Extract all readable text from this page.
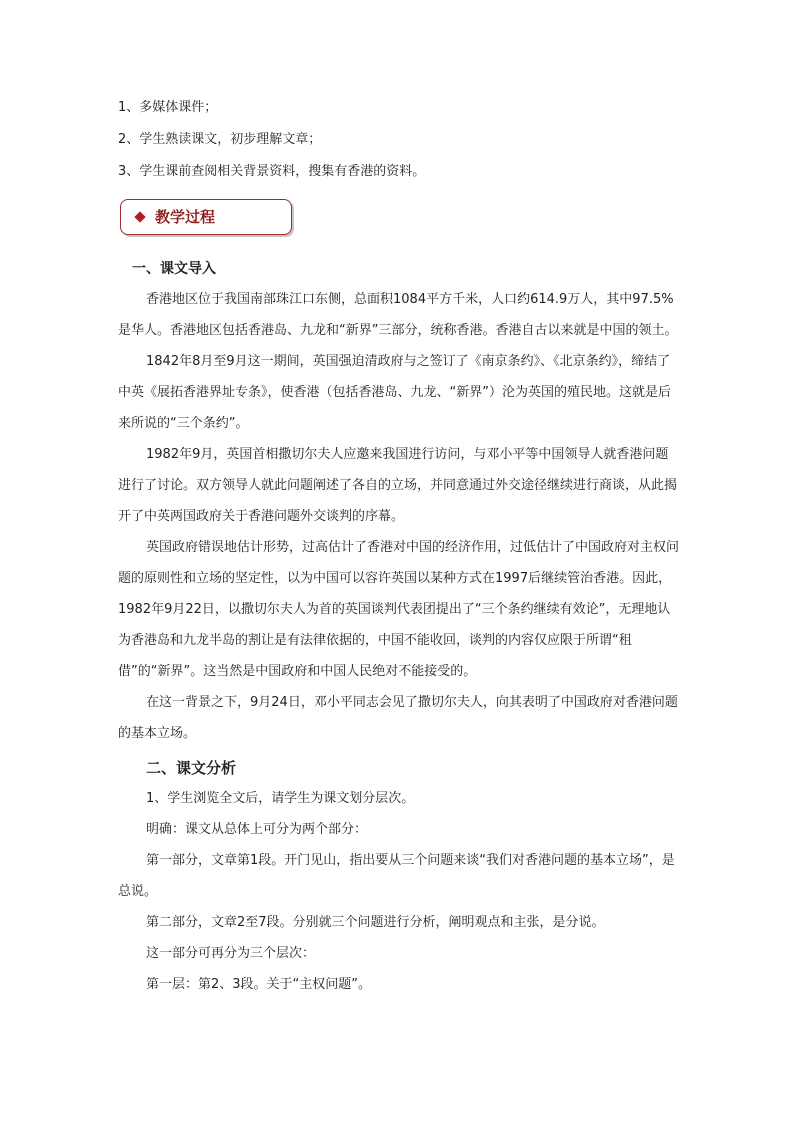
1、多媒体课件；
2、学生熟读课文，初步理解文章；
3、学生课前查阅相关背景资料，搜集有香港的资料。
教学过程
一、课文导入

香港地区位于我国南部珠江口东侧，总面积1084平方千米，人口约614.9万人，其中97.5%是华人。香港地区包括香港岛、九龙和“新界”三部分，统称香港。香港自古以来就是中国的领土。

1842年8月至9月这一期间，英国强迫清政府与之签订了《南京条约》、《北京条约》，缔结了中英《展拓香港界址专条》，使香港（包括香港岛、九龙、“新界”）沦为英国的殖民地。这就是后来所说的“三个条约”。

1982年9月，英国首相撒切尔夫人应邀来我国进行访问，与邓小平等中国领导人就香港问题进行了讨论。双方领导人就此问题阐述了各自的立场，并同意通过外交途径继续进行商谈，从此揭开了中英两国政府关于香港问题外交谈判的序幕。

英国政府错误地估计形势，过高估计了香港对中国的经济作用，过低估计了中国政府对主权问题的原则性和立场的坚定性，以为中国可以容许英国以某种方式在1997后继续管治香港。因此，1982年9月22日，以撒切尔夫人为首的英国谈判代表团提出了“三个条约继续有效论”，无理地认为香港岛和九龙半岛的割让是有法律依据的，中国不能收回，谈判的内容仅应限于所谓“租借”的“新界”。这当然是中国政府和中国人民绝对不能接受的。

在这一背景之下，9月24日，邓小平同志会见了撒切尔夫人，向其表明了中国政府对香港问题的基本立场。

二、课文分析
1、学生浏览全文后，请学生为课文划分层次。
明确：课文从总体上可分为两个部分：

第一部分，文章第1段。开门见山，指出要从三个问题来谈“我们对香港问题的基本立场”，是总说。

第二部分，文章2至7段。分别就三个问题进行分析，阐明观点和主张，是分说。
这一部分可再分为三个层次：
第一层：第2、3段。关于“主权问题”。
